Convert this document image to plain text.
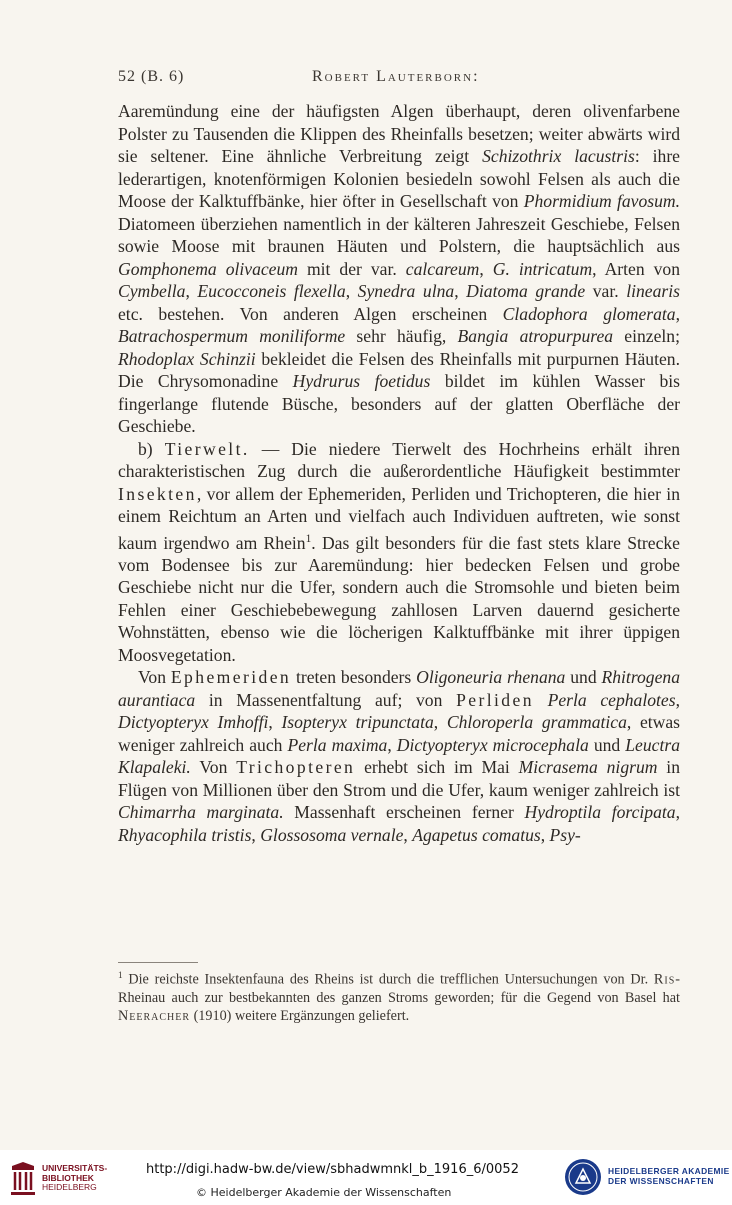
52 (B. 6)	Robert Lauterborn:

Aaremündung eine der häufigsten Algen überhaupt, deren olivenfarbene Polster zu Tausenden die Klippen des Rheinfalls besetzen; weiter abwärts wird sie seltener. Eine ähnliche Verbreitung zeigt Schizothrix lacustris: ihre lederartigen, knotenförmigen Kolonien besiedeln sowohl Felsen als auch die Moose der Kalktuffbänke, hier öfter in Gesellschaft von Phormidium favosum. Diatomeen überziehen namentlich in der kälteren Jahreszeit Geschiebe, Felsen sowie Moose mit braunen Häuten und Polstern, die hauptsächlich aus Gomphonema olivaceum mit der var. calcareum, G. intricatum, Arten von Cymbella, Eucocconeis flexella, Synedra ulna, Diatoma grande var. linearis etc. bestehen. Von anderen Algen erscheinen Cladophora glomerata, Batrachospermum moniliforme sehr häufig, Bangia atropurpurea einzeln; Rhodoplax Schinzii bekleidet die Felsen des Rheinfalls mit purpurnen Häuten. Die Chrysomonadine Hydrurus foetidus bildet im kühlen Wasser bis fingerlange flutende Büsche, besonders auf der glatten Oberfläche der Geschiebe.

b) Tierwelt. — Die niedere Tierwelt des Hochrheins erhält ihren charakteristischen Zug durch die außerordentliche Häufigkeit bestimmter Insekten, vor allem der Ephemeriden, Perliden und Trichopteren, die hier in einem Reichtum an Arten und vielfach auch Individuen auftreten, wie sonst kaum irgendwo am Rhein$^1$. Das gilt besonders für die fast stets klare Strecke vom Bodensee bis zur Aaremündung: hier bedecken Felsen und grobe Geschiebe nicht nur die Ufer, sondern auch die Stromsohle und bieten beim Fehlen einer Geschiebebewegung zahllosen Larven dauernd gesicherte Wohnstätten, ebenso wie die löcherigen Kalktuffbänke mit ihrer üppigen Moosvegetation.

Von Ephemeriden treten besonders Oligoneuria rhenana und Rhitrogena aurantiaca in Massenentfaltung auf; von Perliden Perla cephalotes, Dictyopteryx Imhoffi, Isopteryx tripunctata, Chloroperla grammatica, etwas weniger zahlreich auch Perla maxima, Dictyopteryx microcephala und Leuctra Klapaleki. Von Trichopteren erhebt sich im Mai Micrasema nigrum in Flügen von Millionen über den Strom und die Ufer, kaum weniger zahlreich ist Chimarrha marginata. Massenhaft erscheinen ferner Hydroptila forcipata, Rhyacophila tristis, Glossosoma vernale, Agapetus comatus, Psy-

$^1$ Die reichste Insektenfauna des Rheins ist durch die trefflichen Untersuchungen von Dr. Ris-Rheinau auch zur bestbekannten des ganzen Stroms geworden; für die Gegend von Basel hat Neeracher (1910) weitere Ergänzungen geliefert.
UNIVERSITÄTS-
BIBLIOTHEK
HEIDELBERG
http://digi.hadw-bw.de/view/sbhadwmnkl_b_1916_6/0052
© Heidelberger Akademie der Wissenschaften
HEIDELBERGER AKADEMIE
DER WISSENSCHAFTEN
